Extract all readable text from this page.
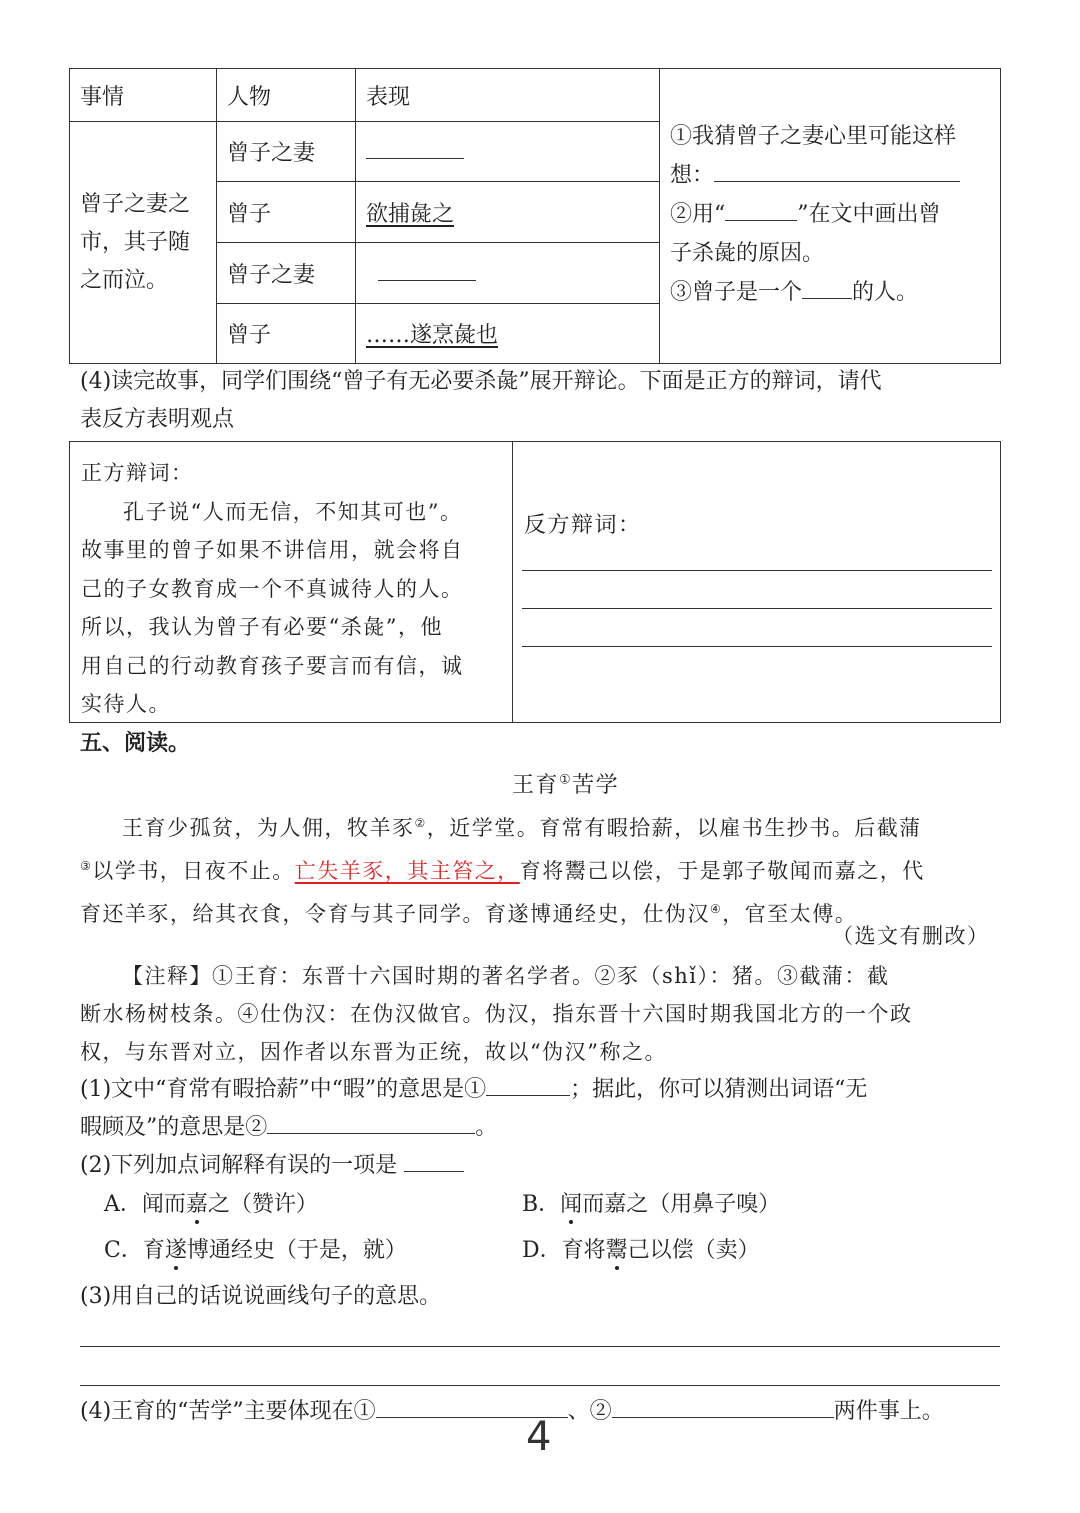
事情	人物	表现	①我猜曾子之妻心里可能这样
想：
②用“ ”在文中画出曾
子杀彘的原因。
③曾子是一个 的人。

曾子之妻之
市，其子随
之而泣。	曾子之妻		
	曾子	欲捕彘之	
	曾子之妻		
	曾子	……遂烹彘也	
(4)读完故事，同学们围绕“曾子有无必要杀彘”展开辩论。下面是正方的辩词，请代
表反方表明观点
正方辩词：
孔子说“人而无信，不知其可也”。
故事里的曾子如果不讲信用，就会将自
己的子女教育成一个不真诚待人的人。
所以，我认为曾子有必要“杀彘”，他
用自己的行动教育孩子要言而有信，诚
实待人。
反方辩词：
五、阅读。
王育①苦学
王育少孤贫，为人佣，牧羊豕②，近学堂。育常有暇拾薪，以雇书生抄书。后截蒲
③以学书，日夜不止。亡失羊豕，其主笞之，育将鬻己以偿，于是郭子敬闻而嘉之，代
育还羊豕，给其衣食，令育与其子同学。育遂博通经史，仕伪汉④，官至太傅。
（选文有删改）
【注释】①王育：东晋十六国时期的著名学者。②豕（shǐ）：猪。③截蒲：截
断水杨树枝条。④仕伪汉：在伪汉做官。伪汉，指东晋十六国时期我国北方的一个政
权，与东晋对立，因作者以东晋为正统，故以“伪汉”称之。
(1)文中“育常有暇拾薪”中“暇”的意思是①	；据此，你可以猜测出词语“无
暇顾及”的意思是②	。
(2)下列加点词解释有误的一项是
A．闻而嘉之（赞许）	B．闻而嘉之（用鼻子嗅）
C．育遂博通经史（于是，就）	D．育将鬻己以偿（卖）
(3)用自己的话说说画线句子的意思。
(4)王育的“苦学”主要体现在①	、②	两件事上。
4
